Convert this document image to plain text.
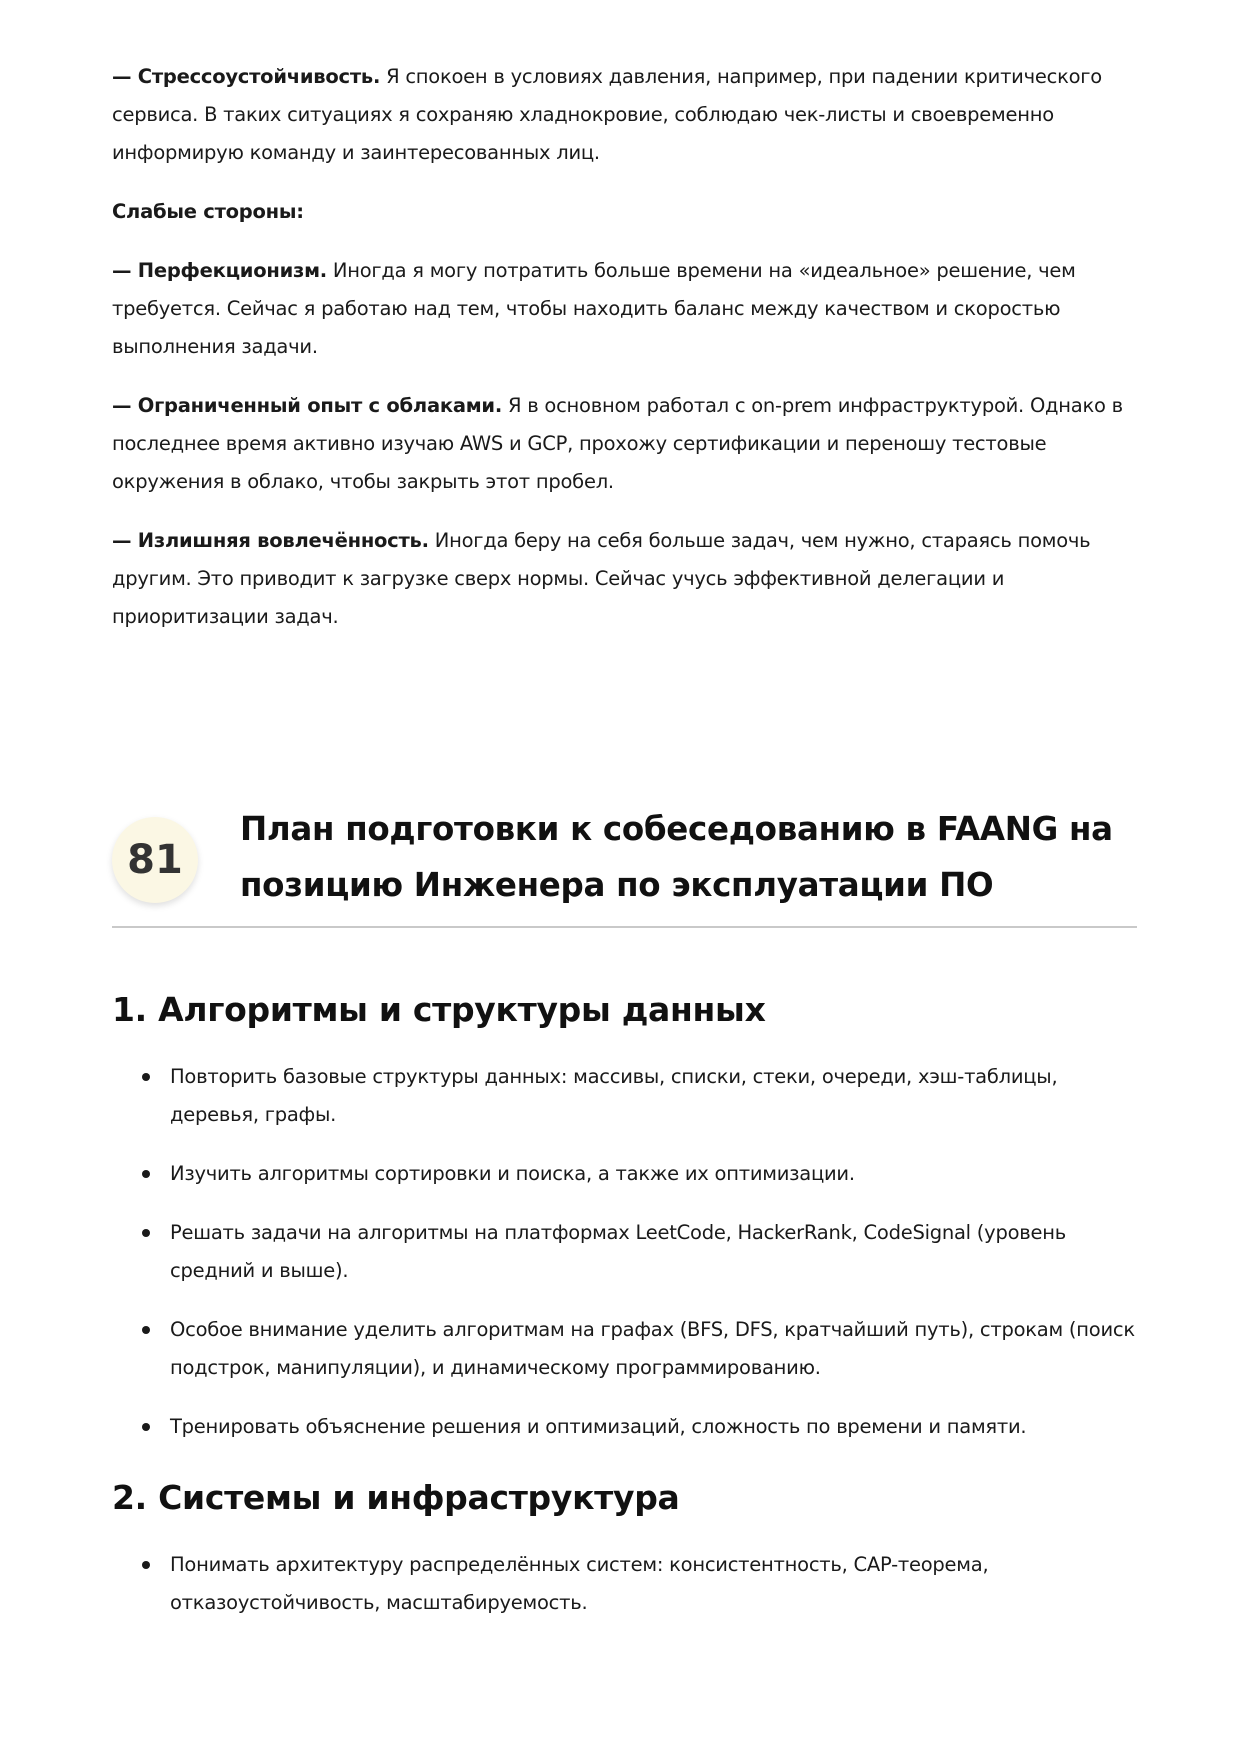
— Стрессоустойчивость. Я спокоен в условиях давления, например, при падении критического сервиса. В таких ситуациях я сохраняю хладнокровие, соблюдаю чек-листы и своевременно информирую команду и заинтересованных лиц.

Слабые стороны:

— Перфекционизм. Иногда я могу потратить больше времени на «идеальное» решение, чем требуется. Сейчас я работаю над тем, чтобы находить баланс между качеством и скоростью выполнения задачи.

— Ограниченный опыт с облаками. Я в основном работал с on-prem инфраструктурой. Однако в последнее время активно изучаю AWS и GCP, прохожу сертификации и переношу тестовые окружения в облако, чтобы закрыть этот пробел.

— Излишняя вовлечённость. Иногда беру на себя больше задач, чем нужно, стараясь помочь другим. Это приводит к загрузке сверх нормы. Сейчас учусь эффективной делегации и приоритизации задач.

81
План подготовки к собеседованию в FAANG на позицию Инженера по эксплуатации ПО
1. Алгоритмы и структуры данных
Повторить базовые структуры данных: массивы, списки, стеки, очереди, хэш-таблицы, деревья, графы.
Изучить алгоритмы сортировки и поиска, а также их оптимизации.
Решать задачи на алгоритмы на платформах LeetCode, HackerRank, CodeSignal (уровень средний и выше).
Особое внимание уделить алгоритмам на графах (BFS, DFS, кратчайший путь), строкам (поиск подстрок, манипуляции), и динамическому программированию.
Тренировать объяснение решения и оптимизаций, сложность по времени и памяти.
2. Системы и инфраструктура
Понимать архитектуру распределённых систем: консистентность, CAP-теорема, отказоустойчивость, масштабируемость.
